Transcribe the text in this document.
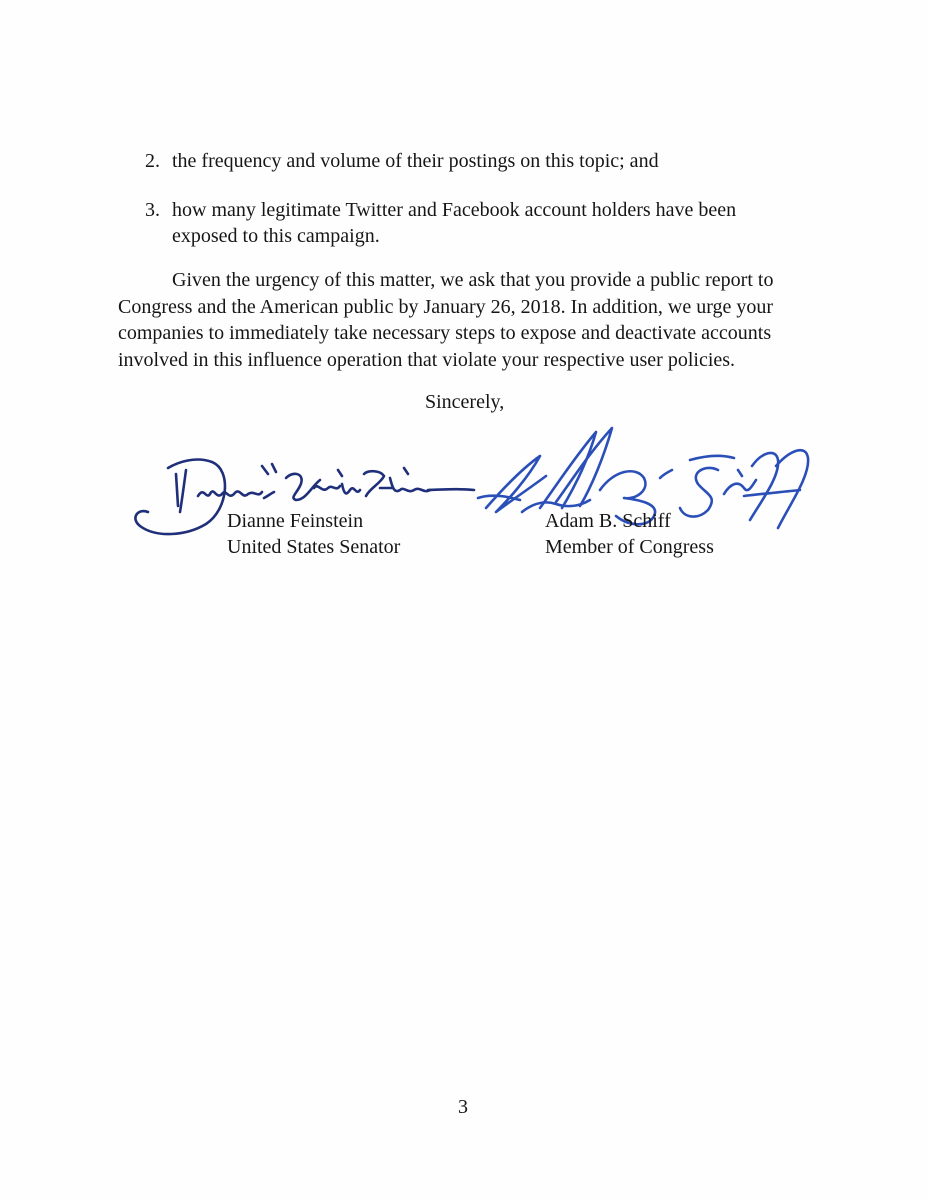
2. the frequency and volume of their postings on this topic; and
3. how many legitimate Twitter and Facebook account holders have been exposed to this campaign.
Given the urgency of this matter, we ask that you provide a public report to
Congress and the American public by January 26, 2018. In addition, we urge your
companies to immediately take necessary steps to expose and deactivate accounts
involved in this influence operation that violate your respective user policies.
Sincerely,
Dianne Feinstein
United States Senator
Adam B. Schiff
Member of Congress
3
